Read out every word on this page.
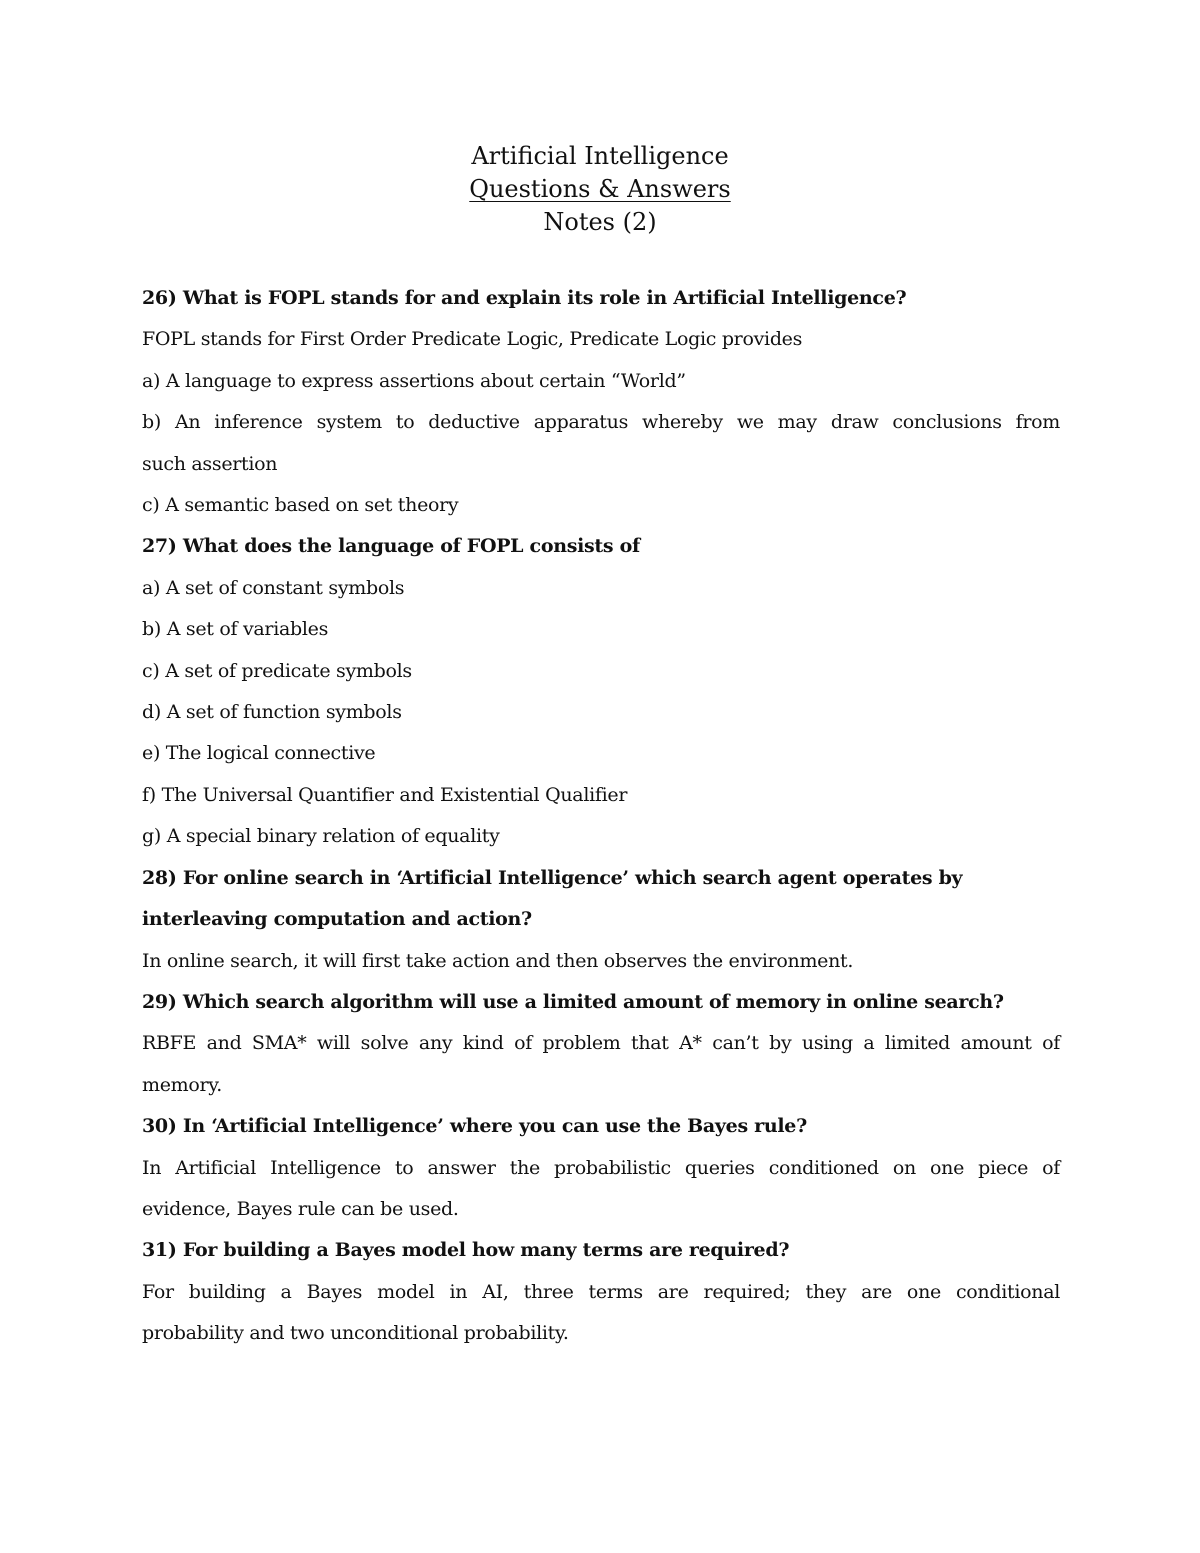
Artificial Intelligence
Questions & Answers
Notes (2)
26) What is FOPL stands for and explain its role in Artificial Intelligence?
FOPL stands for First Order Predicate Logic, Predicate Logic provides
a) A language to express assertions about certain “World”
b) An inference system to deductive apparatus whereby we may draw conclusions from
such assertion
c) A semantic based on set theory
27) What does the language of FOPL consists of
a) A set of constant symbols
b) A set of variables
c) A set of predicate symbols
d) A set of function symbols
e) The logical connective
f) The Universal Quantifier and Existential Qualifier
g) A special binary relation of equality
28) For online search in ‘Artificial Intelligence’ which search agent operates by
interleaving computation and action?
In online search, it will first take action and then observes the environment.
29) Which search algorithm will use a limited amount of memory in online search?
RBFE and SMA* will solve any kind of problem that A* can’t by using a limited amount of
memory.
30) In ‘Artificial Intelligence’ where you can use the Bayes rule?
In Artificial Intelligence to answer the probabilistic queries conditioned on one piece of
evidence, Bayes rule can be used.
31) For building a Bayes model how many terms are required?
For building a Bayes model in AI, three terms are required; they are one conditional
probability and two unconditional probability.
